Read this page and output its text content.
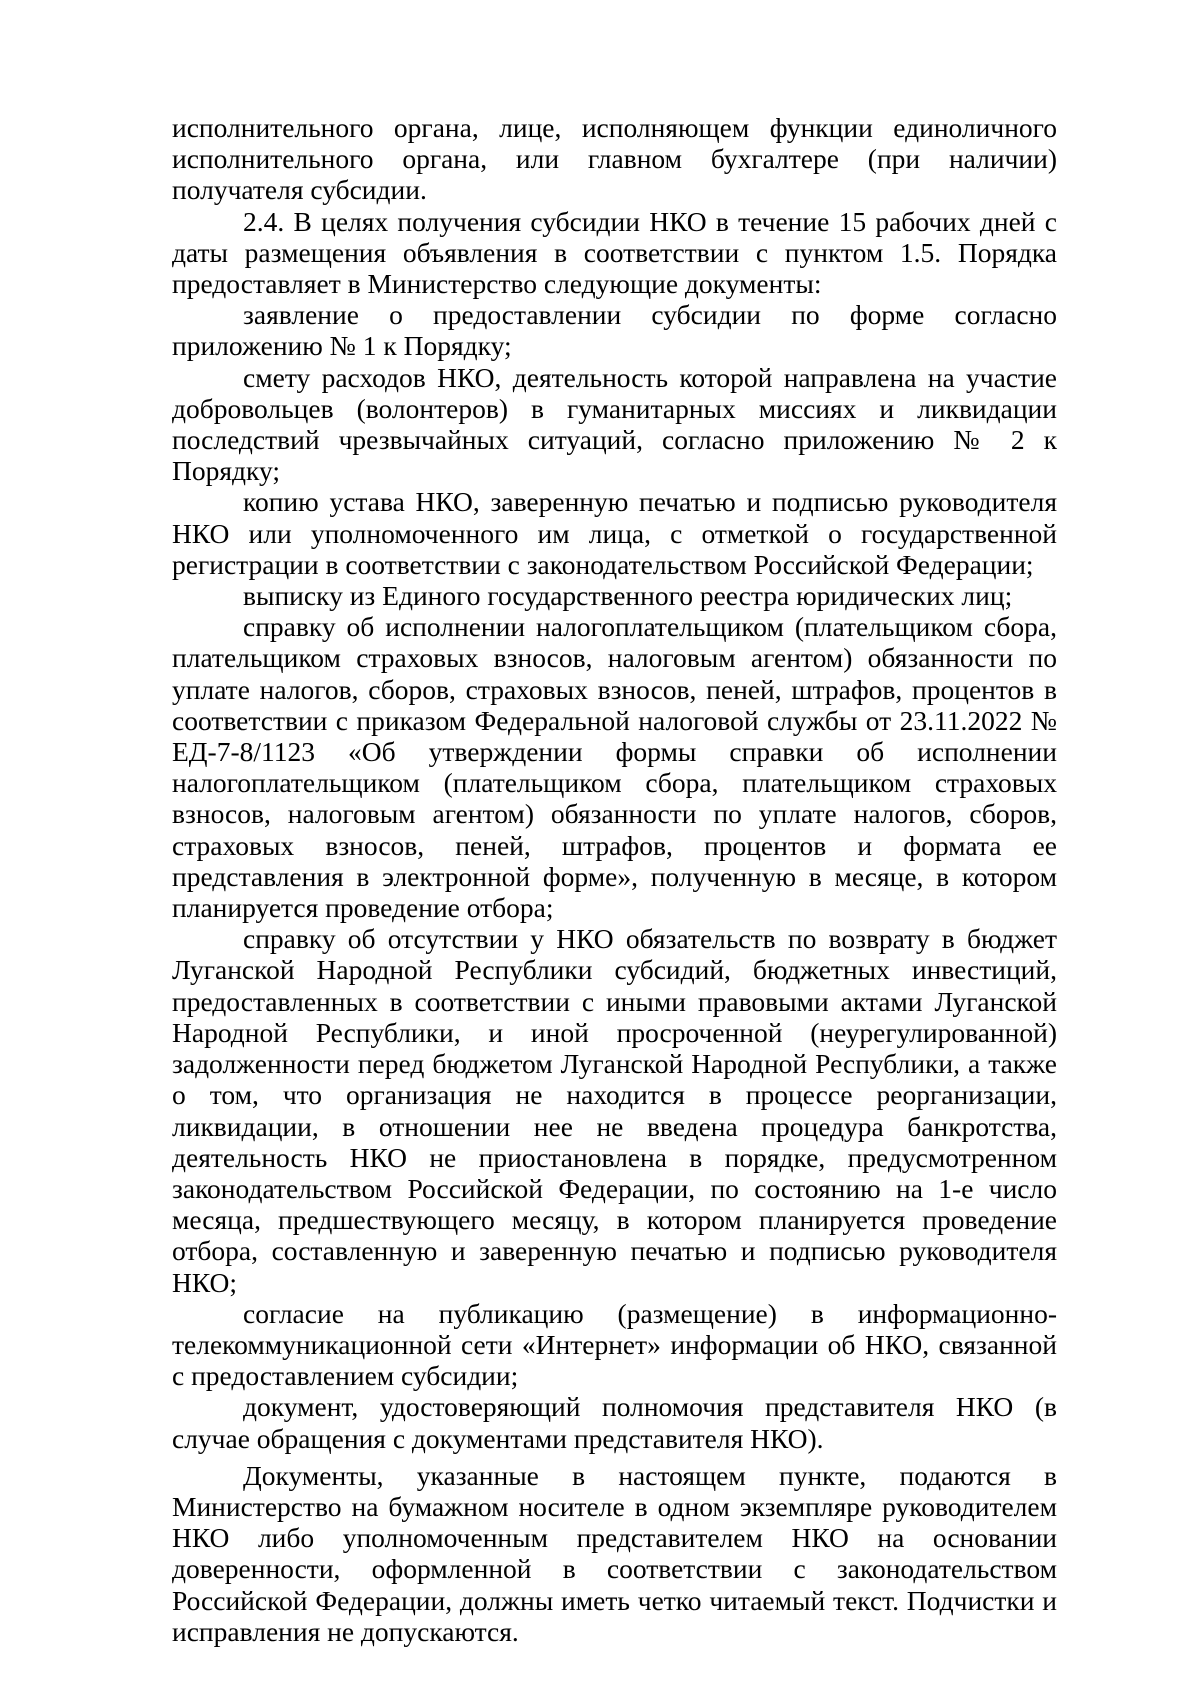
исполнительного органа, лице, исполняющем функции единоличного исполнительного органа, или главном бухгалтере (при наличии) получателя субсидии.

2.4. В целях получения субсидии НКО в течение 15 рабочих дней с даты размещения объявления в соответствии с пунктом 1.5. Порядка предоставляет в Министерство следующие документы:

заявление о предоставлении субсидии по форме согласно приложению № 1 к Порядку;

смету расходов НКО, деятельность которой направлена на участие добровольцев (волонтеров) в гуманитарных миссиях и ликвидации последствий чрезвычайных ситуаций, согласно приложению № 2 к Порядку;

копию устава НКО, заверенную печатью и подписью руководителя НКО или уполномоченного им лица, с отметкой о государственной регистрации в соответствии с законодательством Российской Федерации;

выписку из Единого государственного реестра юридических лиц;

справку об исполнении налогоплательщиком (плательщиком сбора, плательщиком страховых взносов, налоговым агентом) обязанности по уплате налогов, сборов, страховых взносов, пеней, штрафов, процентов в соответствии с приказом Федеральной налоговой службы от 23.11.2022 № ЕД-7-8/1123 «Об утверждении формы справки об исполнении налогоплательщиком (плательщиком сбора, плательщиком страховых взносов, налоговым агентом) обязанности по уплате налогов, сборов, страховых взносов, пеней, штрафов, процентов и формата ее представления в электронной форме», полученную в месяце, в котором планируется проведение отбора;

справку об отсутствии у НКО обязательств по возврату в бюджет Луганской Народной Республики субсидий, бюджетных инвестиций, предоставленных в соответствии с иными правовыми актами Луганской Народной Республики, и иной просроченной (неурегулированной) задолженности перед бюджетом Луганской Народной Республики, а также о том, что организация не находится в процессе реорганизации, ликвидации, в отношении нее не введена процедура банкротства, деятельность НКО не приостановлена в порядке, предусмотренном законодательством Российской Федерации, по состоянию на 1-е число месяца, предшествующего месяцу, в котором планируется проведение отбора, составленную и заверенную печатью и подписью руководителя НКО;

согласие на публикацию (размещение) в информационно-телекоммуникационной сети «Интернет» информации об НКО, связанной с предоставлением субсидии;

документ, удостоверяющий полномочия представителя НКО (в случае обращения с документами представителя НКО).

Документы, указанные в настоящем пункте, подаются в Министерство на бумажном носителе в одном экземпляре руководителем НКО либо уполномоченным представителем НКО на основании доверенности, оформленной в соответствии с законодательством Российской Федерации, должны иметь четко читаемый текст. Подчистки и исправления не допускаются.
